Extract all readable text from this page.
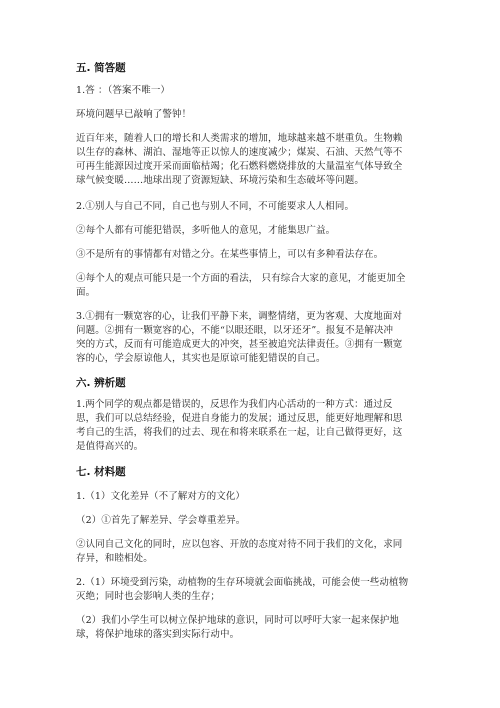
五. 简答题

1.答 ：（答案不唯一）

环境问题早已敲响了警钟！

近百年来，随着人口的增长和人类需求的增加，地球越来越不堪重负。生物赖
以生存的森林、湖泊、湿地等正以惊人的速度减少；煤炭、石油、天然气等不
可再生能源因过度开采而面临枯竭；化石燃料燃烧排放的大量温室气体导致全
球气候变暖……地球出现了资源短缺、环境污染和生态破坏等问题。

2.①别人与自己不同，自己也与别人不同，不可能要求人人相同。

②每个人都有可能犯错误，多听他人的意见，才能集思广益。

③不是所有的事情都有对错之分。在某些事情上，可以有多种看法存在。

④每个人的观点可能只是一个方面的看法， 只有综合大家的意见，才能更加全
面。

3.①拥有一颗宽容的心，让我们平静下来，调整情绪，更为客观、大度地面对
问题。②拥有一颗宽容的心，不能“以眼还眼，以牙还牙”。报复不是解决冲
突的方式，反而有可能造成更大的冲突，甚至被追究法律责任。③拥有一颗宽
容的心，学会原谅他人，其实也是原谅可能犯错误的自己。

六. 辨析题

1.两个同学的观点都是错误的，反思作为我们内心活动的一种方式：通过反
思，我们可以总结经验，促进自身能力的发展；通过反思，能更好地理解和思
考自己的生活，将我们的过去、现在和将来联系在一起，让自己做得更好，这
是值得高兴的。

七. 材料题

1.（1）文化差异（不了解对方的文化）

（2）①首先了解差异、学会尊重差异。

②认同自己文化的同时，应以包容、开放的态度对待不同于我们的文化，求同
存异，和睦相处。

2.（1）环境受到污染，动植物的生存环境就会面临挑战，可能会使一些动植物
灭绝；同时也会影响人类的生存；

（2）我们小学生可以树立保护地球的意识，同时可以呼吁大家一起来保护地
球，将保护地球的落实到实际行动中。
